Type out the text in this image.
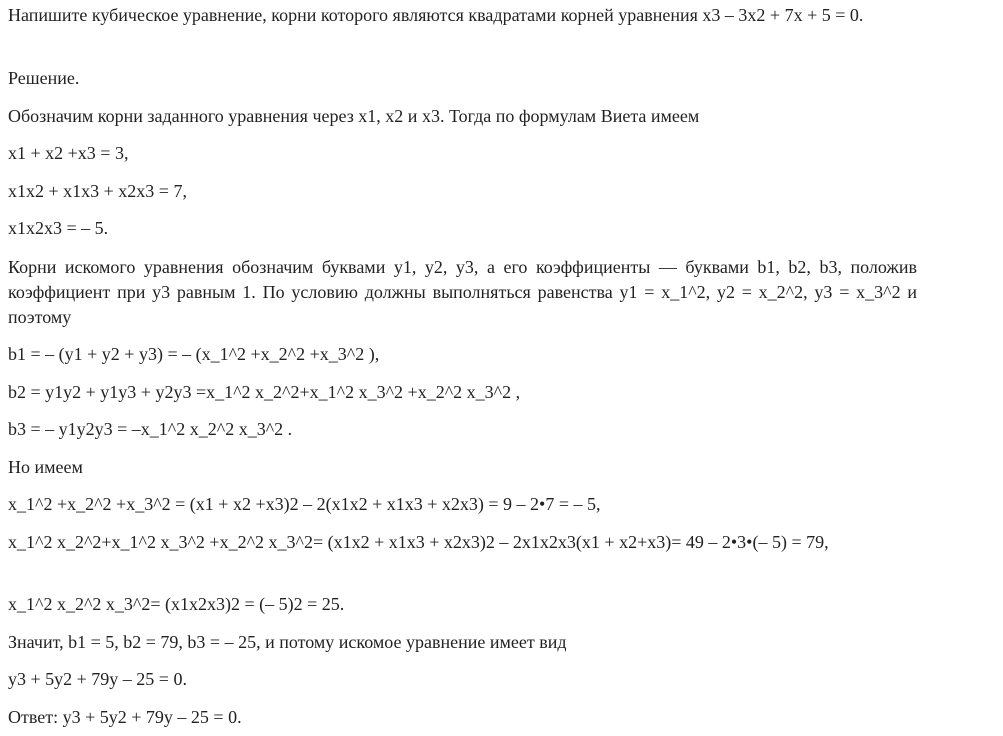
Напишите кубическое уравнение, корни которого являются квадратами корней уравнения х3 – 3х2 + 7х + 5 = 0.
Решение.
Обозначим корни заданного уравнения через x1, x2 и x3. Тогда по формулам Виета имеем
x1 + x2 +x3 = 3,
x1x2 + x1x3 + x2x3 = 7,
x1x2x3 = – 5.
Корни искомого уравнения обозначим буквами y1, y2, y3, а его коэффициенты — буквами b1, b2, b3, положив коэффициент при y3 равным 1. По условию должны выполняться равенства y1 = x_1^2, y2 = x_2^2, y3 = x_3^2 и поэтому
b1 = – (y1 + y2 + y3) = – (x_1^2 +x_2^2 +x_3^2 ),
b2 = y1y2 + y1y3 + y2y3 =x_1^2 x_2^2+x_1^2 x_3^2 +x_2^2 x_3^2 ,
b3 = – y1y2y3 = –x_1^2 x_2^2 x_3^2 .
Но имеем
x_1^2 +x_2^2 +x_3^2 = (x1 + x2 +x3)2 – 2(x1x2 + x1x3 + x2x3) = 9 – 2•7 = – 5,
x_1^2 x_2^2+x_1^2 x_3^2 +x_2^2 x_3^2= (x1x2 + x1x3 + x2x3)2 – 2x1x2x3(x1 + x2+x3)= 49 – 2•3•(– 5) = 79,
x_1^2 x_2^2 x_3^2= (x1x2x3)2 = (– 5)2 = 25.
Значит, b1 = 5, b2 = 79, b3 = – 25, и потому искомое уравнение имеет вид
y3 + 5y2 + 79y – 25 = 0.
Ответ: y3 + 5y2 + 79y – 25 = 0.
